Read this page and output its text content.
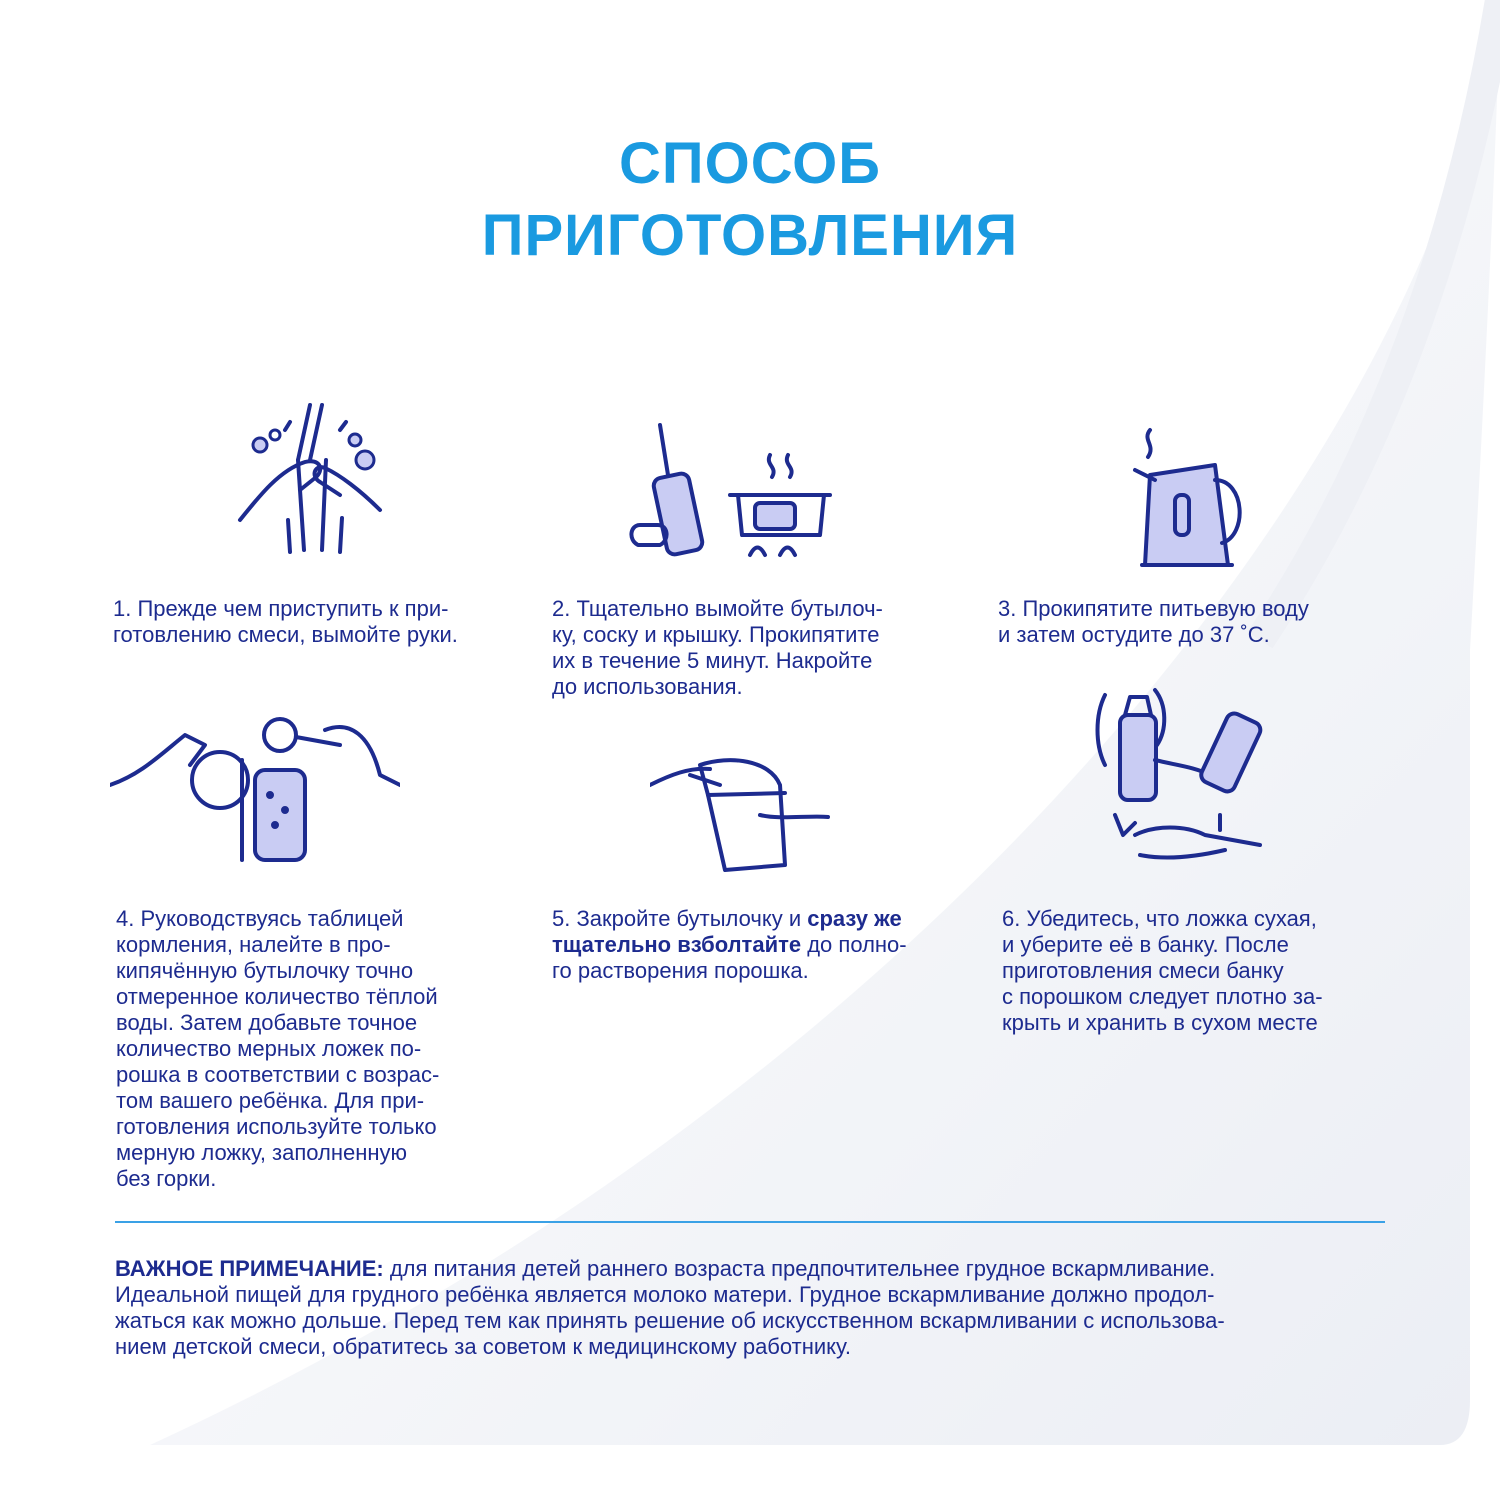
СПОСОБ
ПРИГОТОВЛЕНИЯ
1. Прежде чем приступить к при-
готовлению смеси, вымойте руки.
2. Тщательно вымойте бутылоч-
ку, соску и крышку. Прокипятите
их в течение 5 минут. Накройте
до использования.
3. Прокипятите питьевую воду
и затем остудите до 37 ˚С.
4. Руководствуясь таблицей
кормления, налейте в про-
кипячённую бутылочку точно
отмеренное количество тёплой
воды. Затем добавьте точное
количество мерных ложек по-
рошка в соответствии с возрас-
том вашего ребёнка. Для при-
готовления используйте только
мерную ложку, заполненную
без горки.
5. Закройте бутылочку и сразу же
тщательно взболтайте до полно-
го растворения порошка.
6. Убедитесь, что ложка сухая,
и уберите её в банку. После
приготовления смеси банку
с порошком следует плотно за-
крыть и хранить в сухом месте
ВАЖНОЕ ПРИМЕЧАНИЕ: для питания детей раннего возраста предпочтительнее грудное вскармливание.
Идеальной пищей для грудного ребёнка является молоко матери. Грудное вскармливание должно продол-
жаться как можно дольше. Перед тем как принять решение об искусственном вскармливании с использова-
нием детской смеси, обратитесь за советом к медицинскому работнику.
